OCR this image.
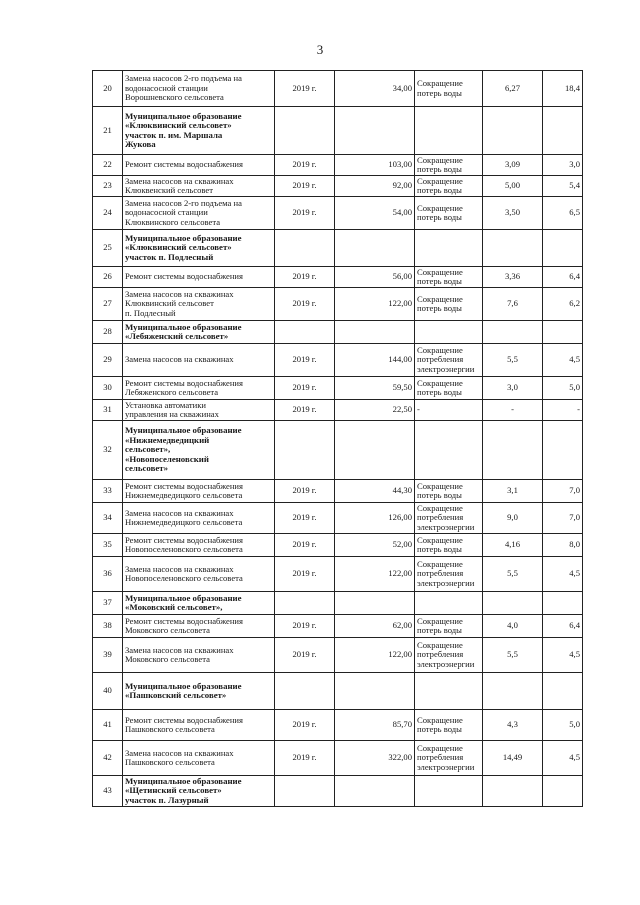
3
20	Замена насосов 2-го подъема на
водонасосной станции
Ворошневского сельсовета	2019 г.	34,00	Сокращение
потерь воды	6,27	18,4
21	Муниципальное образование
«Клюквинский сельсовет»
участок п. им. Маршала
Жукова					
22	Ремонт системы водоснабжения	2019 г.	103,00	Сокращение
потерь воды	3,09	3,0
23	Замена насосов на скважинах
Клюквенский сельсовет	2019 г.	92,00	Сокращение
потерь воды	5,00	5,4
24	Замена насосов 2-го подъема на
водонасосной станции
Клюквинского сельсовета	2019 г.	54,00	Сокращение
потерь воды	3,50	6,5
25	Муниципальное образование
«Клюквинский сельсовет»
участок п. Подлесный					
26	Ремонт системы водоснабжения	2019 г.	56,00	Сокращение
потерь воды	3,36	6,4
27	Замена насосов на скважинах
Клюквинский сельсовет
п. Подлесный	2019 г.	122,00	Сокращение
потерь воды	7,6	6,2
28	Муниципальное образование
«Лебяженский сельсовет»					
29	Замена насосов на скважинах	2019 г.	144,00	Сокращение
потребления
электроэнергии	5,5	4,5
30	Ремонт системы водоснабжения
Лебяженского сельсовета	2019 г.	59,50	Сокращение
потерь воды	3,0	5,0
31	Установка автоматики
управления на скважинах	2019 г.	22,50	-	-	-
32	Муниципальное образование
«Нижнемедведицкий
сельсовет»,
«Новопоселеновский
сельсовет»					
33	Ремонт системы водоснабжения
Нижнемедведицкого сельсовета	2019 г.	44,30	Сокращение
потерь воды	3,1	7,0
34	Замена насосов на скважинах
Нижнемедведицкого сельсовета	2019 г.	126,00	Сокращение
потребления
электроэнергии	9,0	7,0
35	Ремонт системы водоснабжения
Новопоселеновского сельсовета	2019 г.	52,00	Сокращение
потерь воды	4,16	8,0
36	Замена насосов на скважинах
Новопоселеновского сельсовета	2019 г.	122,00	Сокращение
потребления
электроэнергии	5,5	4,5
37	Муниципальное образование
«Моковский сельсовет»,					
38	Ремонт системы водоснабжения
Моковского сельсовета	2019 г.	62,00	Сокращение
потерь воды	4,0	6,4
39	Замена насосов на скважинах
Моковского сельсовета	2019 г.	122,00	Сокращение
потребления
электроэнергии	5,5	4,5
40	Муниципальное образование
«Пашковский сельсовет»					
41	Ремонт системы водоснабжения
Пашковского сельсовета	2019 г.	85,70	Сокращение
потерь воды	4,3	5,0
42	Замена насосов на скважинах
Пашковского сельсовета	2019 г.	322,00	Сокращение
потребления
электроэнергии	14,49	4,5
43	Муниципальное образование
«Щетинский сельсовет»
участок п. Лазурный					
